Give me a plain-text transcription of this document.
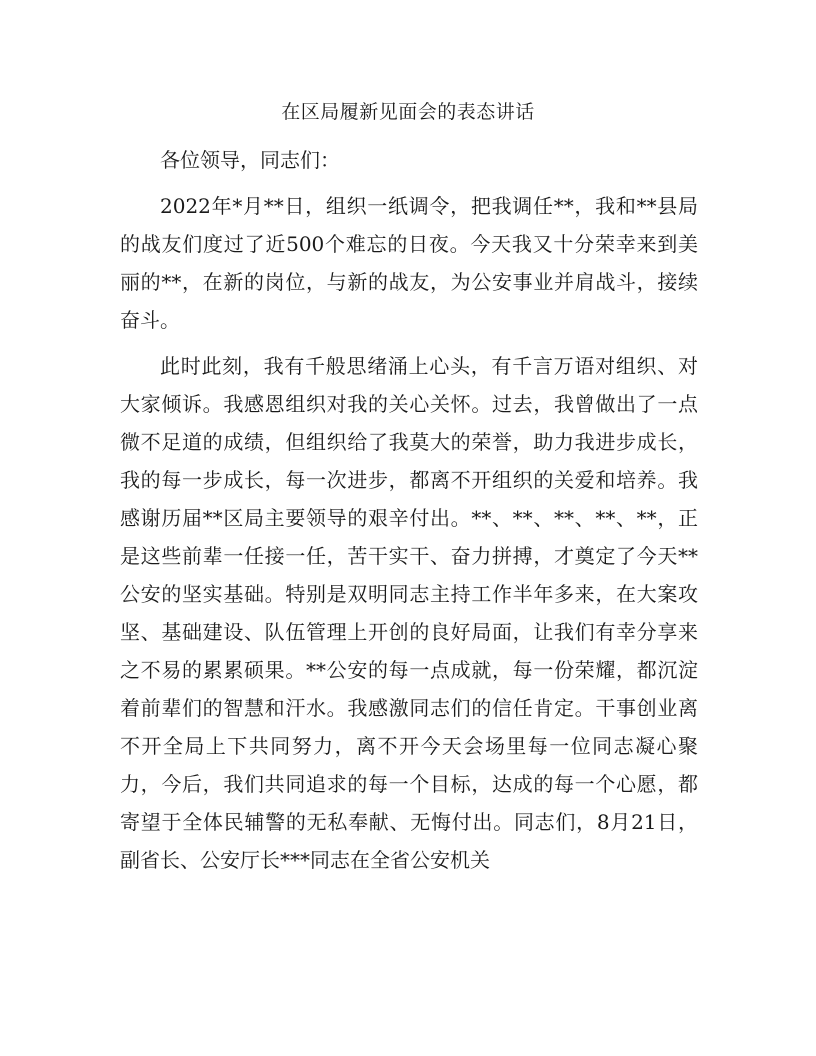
在区局履新见面会的表态讲话

各位领导，同志们：

2022年*月**日，组织一纸调令，把我调任**，我和**县局的战友们度过了近500个难忘的日夜。今天我又十分荣幸来到美丽的**，在新的岗位，与新的战友，为公安事业并肩战斗，接续奋斗。

此时此刻，我有千般思绪涌上心头，有千言万语对组织、对大家倾诉。我感恩组织对我的关心关怀。过去，我曾做出了一点微不足道的成绩，但组织给了我莫大的荣誉，助力我进步成长，我的每一步成长，每一次进步，都离不开组织的关爱和培养。我感谢历届**区局主要领导的艰辛付出。**、**、**、**、**，正是这些前辈一任接一任，苦干实干、奋力拼搏，才奠定了今天**公安的坚实基础。特别是双明同志主持工作半年多来，在大案攻坚、基础建设、队伍管理上开创的良好局面，让我们有幸分享来之不易的累累硕果。**公安的每一点成就，每一份荣耀，都沉淀着前辈们的智慧和汗水。我感激同志们的信任肯定。干事创业离不开全局上下共同努力，离不开今天会场里每一位同志凝心聚力，今后，我们共同追求的每一个目标，达成的每一个心愿，都寄望于全体民辅警的无私奉献、无悔付出。同志们，8月21日，副省长、公安厅长***同志在全省公安机关
